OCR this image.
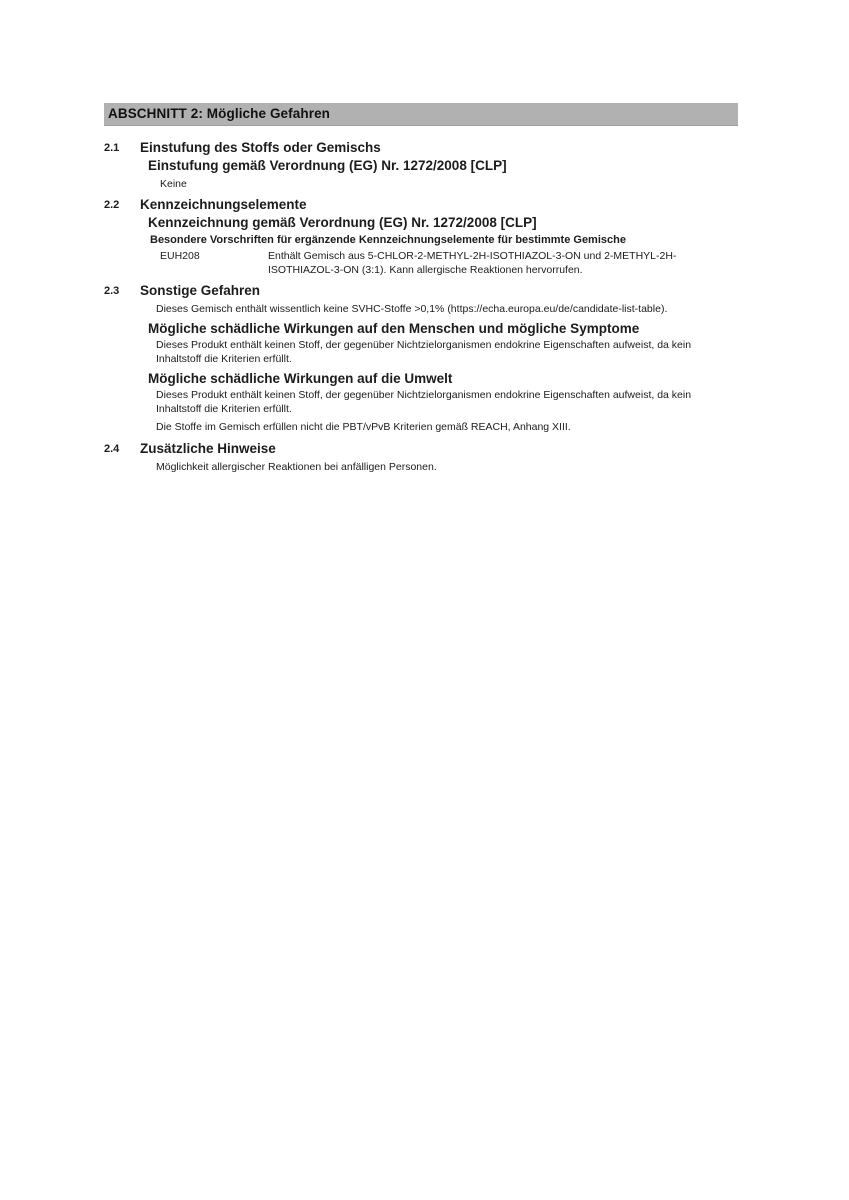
ABSCHNITT 2: Mögliche Gefahren
2.1 Einstufung des Stoffs oder Gemischs
Einstufung gemäß Verordnung (EG) Nr. 1272/2008 [CLP]
Keine
2.2 Kennzeichnungselemente
Kennzeichnung gemäß Verordnung (EG) Nr. 1272/2008 [CLP]
Besondere Vorschriften für ergänzende Kennzeichnungselemente für bestimmte Gemische
EUH208	Enthält Gemisch aus 5-CHLOR-2-METHYL-2H-ISOTHIAZOL-3-ON und 2-METHYL-2H-ISOTHIAZOL-3-ON (3:1). Kann allergische Reaktionen hervorrufen.
2.3 Sonstige Gefahren
Dieses Gemisch enthält wissentlich keine SVHC-Stoffe >0,1% (https://echa.europa.eu/de/candidate-list-table).
Mögliche schädliche Wirkungen auf den Menschen und mögliche Symptome
Dieses Produkt enthält keinen Stoff, der gegenüber Nichtzielorganismen endokrine Eigenschaften aufweist, da kein Inhaltstoff die Kriterien erfüllt.
Mögliche schädliche Wirkungen auf die Umwelt
Dieses Produkt enthält keinen Stoff, der gegenüber Nichtzielorganismen endokrine Eigenschaften aufweist, da kein Inhaltstoff die Kriterien erfüllt.
Die Stoffe im Gemisch erfüllen nicht die PBT/vPvB Kriterien gemäß REACH, Anhang XIII.
2.4 Zusätzliche Hinweise
Möglichkeit allergischer Reaktionen bei anfälligen Personen.
